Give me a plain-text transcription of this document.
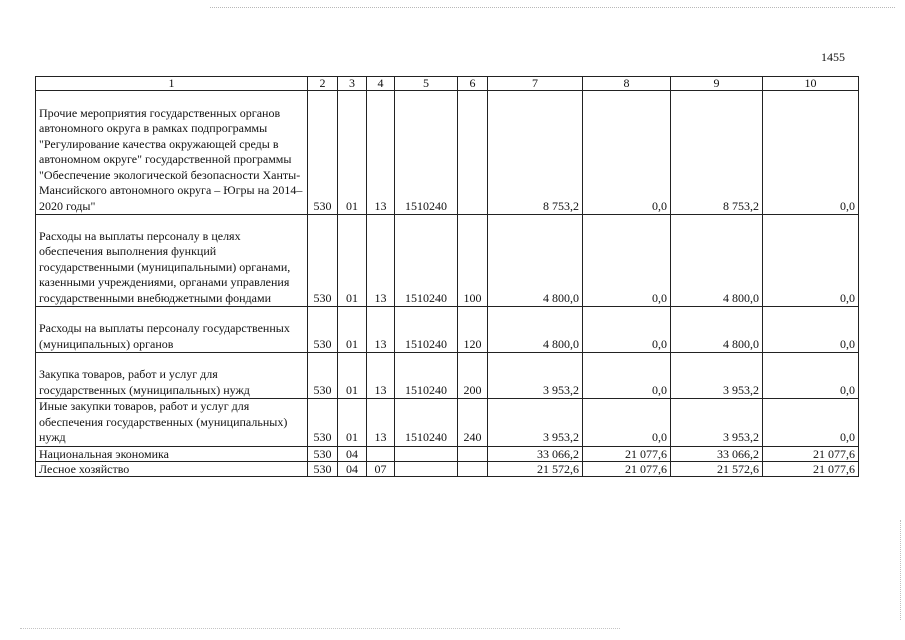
1455
1	2	3	4	5	6	7	8	9	10
Прочие мероприятия государственных органов автономного округа в рамках подпрограммы "Регулирование качества окружающей среды в автономном округе" государственной программы "Обеспечение экологической безопасности Ханты-Мансийского автономного округа – Югры на 2014–2020 годы"	530	01	13	1510240		8 753,2	0,0	8 753,2	0,0
Расходы на выплаты персоналу в целях обеспечения выполнения функций государственными (муниципальными) органами, казенными учреждениями, органами управления государственными внебюджетными фондами	530	01	13	1510240	100	4 800,0	0,0	4 800,0	0,0
Расходы на выплаты персоналу государственных (муниципальных) органов	530	01	13	1510240	120	4 800,0	0,0	4 800,0	0,0
Закупка товаров, работ и услуг для государственных (муниципальных) нужд	530	01	13	1510240	200	3 953,2	0,0	3 953,2	0,0
Иные закупки товаров, работ и услуг для обеспечения государственных (муниципальных) нужд	530	01	13	1510240	240	3 953,2	0,0	3 953,2	0,0
Национальная экономика	530	04				33 066,2	21 077,6	33 066,2	21 077,6
Лесное хозяйство	530	04	07			21 572,6	21 077,6	21 572,6	21 077,6
